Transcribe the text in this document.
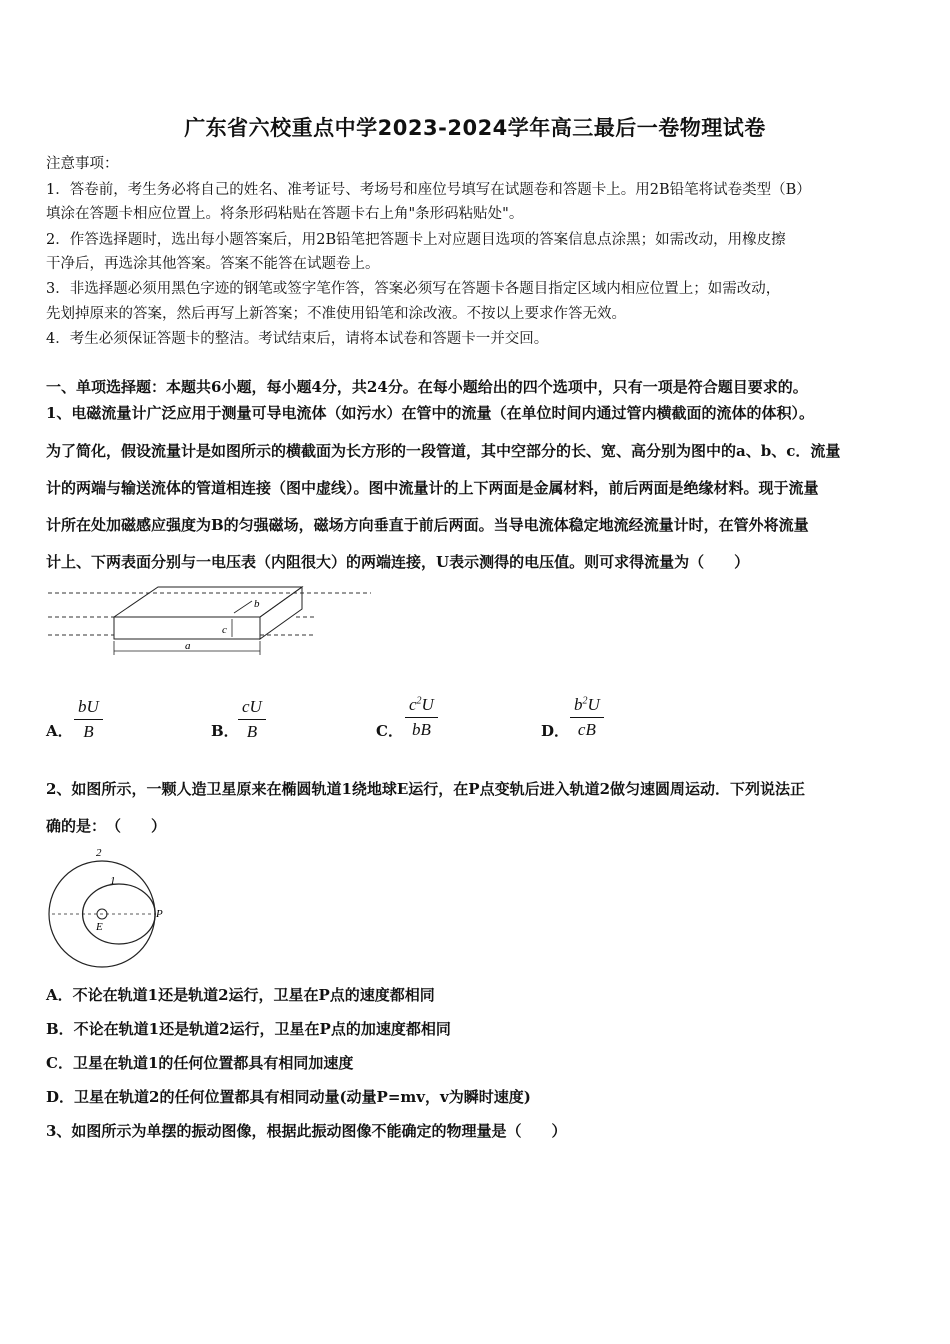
广东省六校重点中学2023-2024学年高三最后一卷物理试卷
注意事项：
1．答卷前，考生务必将自己的姓名、准考证号、考场号和座位号填写在试题卷和答题卡上。用2B铅笔将试卷类型（B）
填涂在答题卡相应位置上。将条形码粘贴在答题卡右上角"条形码粘贴处"。
2．作答选择题时，选出每小题答案后，用2B铅笔把答题卡上对应题目选项的答案信息点涂黑；如需改动，用橡皮擦
干净后，再选涂其他答案。答案不能答在试题卷上。
3．非选择题必须用黑色字迹的钢笔或签字笔作答，答案必须写在答题卡各题目指定区域内相应位置上；如需改动，
先划掉原来的答案，然后再写上新答案；不准使用铅笔和涂改液。不按以上要求作答无效。
4．考生必须保证答题卡的整洁。考试结束后，请将本试卷和答题卡一并交回。
一、单项选择题：本题共6小题，每小题4分，共24分。在每小题给出的四个选项中，只有一项是符合题目要求的。
1、电磁流量计广泛应用于测量可导电流体（如污水）在管中的流量（在单位时间内通过管内横截面的流体的体积）。
为了简化，假设流量计是如图所示的横截面为长方形的一段管道，其中空部分的长、宽、高分别为图中的a、b、c．流量
计的两端与输送流体的管道相连接（图中虚线）。图中流量计的上下两面是金属材料，前后两面是绝缘材料。现于流量
计所在处加磁感应强度为B的匀强磁场，磁场方向垂直于前后两面。当导电流体稳定地流经流量计时，在管外将流量
计上、下两表面分别与一电压表（内阻很大）的两端连接，U表示测得的电压值。则可求得流量为（　　）
b
c
a
A． $\frac{bU}{B}$	B． $\frac{cU}{B}$	C． $\frac{c^2U}{bB}$	D． $\frac{b^2U}{cB}$
2、如图所示，一颗人造卫星原来在椭圆轨道1绕地球E运行，在P点变轨后进入轨道2做匀速圆周运动．下列说法正
确的是：　（　　）
2
1
E
P
A．不论在轨道1还是轨道2运行，卫星在P点的速度都相同
B．不论在轨道1还是轨道2运行，卫星在P点的加速度都相同
C．卫星在轨道1的任何位置都具有相同加速度
D．卫星在轨道2的任何位置都具有相同动量(动量P=mv，v为瞬时速度)
3、如图所示为单摆的振动图像，根据此振动图像不能确定的物理量是（　　）
